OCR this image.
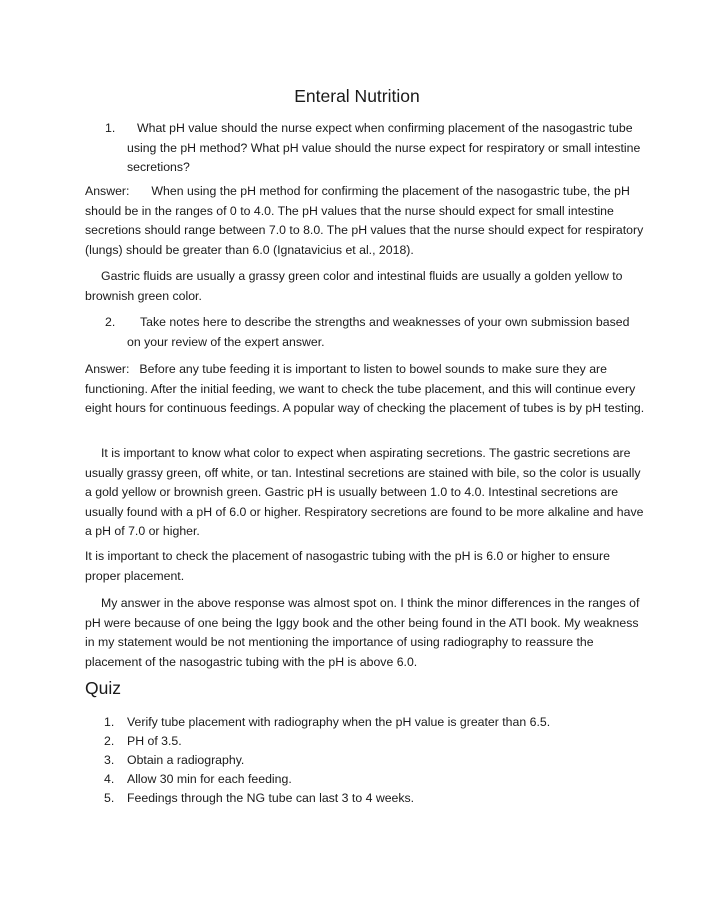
Enteral Nutrition
1.	What pH value should the nurse expect when confirming placement of the nasogastric tube using the pH method? What pH value should the nurse expect for respiratory or small intestine secretions?

Answer: When using the pH method for confirming the placement of the nasogastric tube, the pH should be in the ranges of 0 to 4.0. The pH values that the nurse should expect for small intestine secretions should range between 7.0 to 8.0. The pH values that the nurse should expect for respiratory (lungs) should be greater than 6.0 (Ignatavicius et al., 2018).

Gastric fluids are usually a grassy green color and intestinal fluids are usually a golden yellow to brownish green color.

2.	Take notes here to describe the strengths and weaknesses of your own submission based on your review of the expert answer.

Answer: Before any tube feeding it is important to listen to bowel sounds to make sure they are functioning. After the initial feeding, we want to check the tube placement, and this will continue every eight hours for continuous feedings. A popular way of checking the placement of tubes is by pH testing.

It is important to know what color to expect when aspirating secretions. The gastric secretions are usually grassy green, off white, or tan. Intestinal secretions are stained with bile, so the color is usually a gold yellow or brownish green. Gastric pH is usually between 1.0 to 4.0. Intestinal secretions are usually found with a pH of 6.0 or higher. Respiratory secretions are found to be more alkaline and have a pH of 7.0 or higher.

It is important to check the placement of nasogastric tubing with the pH is 6.0 or higher to ensure proper placement.

My answer in the above response was almost spot on. I think the minor differences in the ranges of pH were because of one being the Iggy book and the other being found in the ATI book. My weakness in my statement would be not mentioning the importance of using radiography to reassure the placement of the nasogastric tubing with the pH is above 6.0.

Quiz
1. Verify tube placement with radiography when the pH value is greater than 6.5.
2. PH of 3.5.
3. Obtain a radiography.
4. Allow 30 min for each feeding.
5. Feedings through the NG tube can last 3 to 4 weeks.
